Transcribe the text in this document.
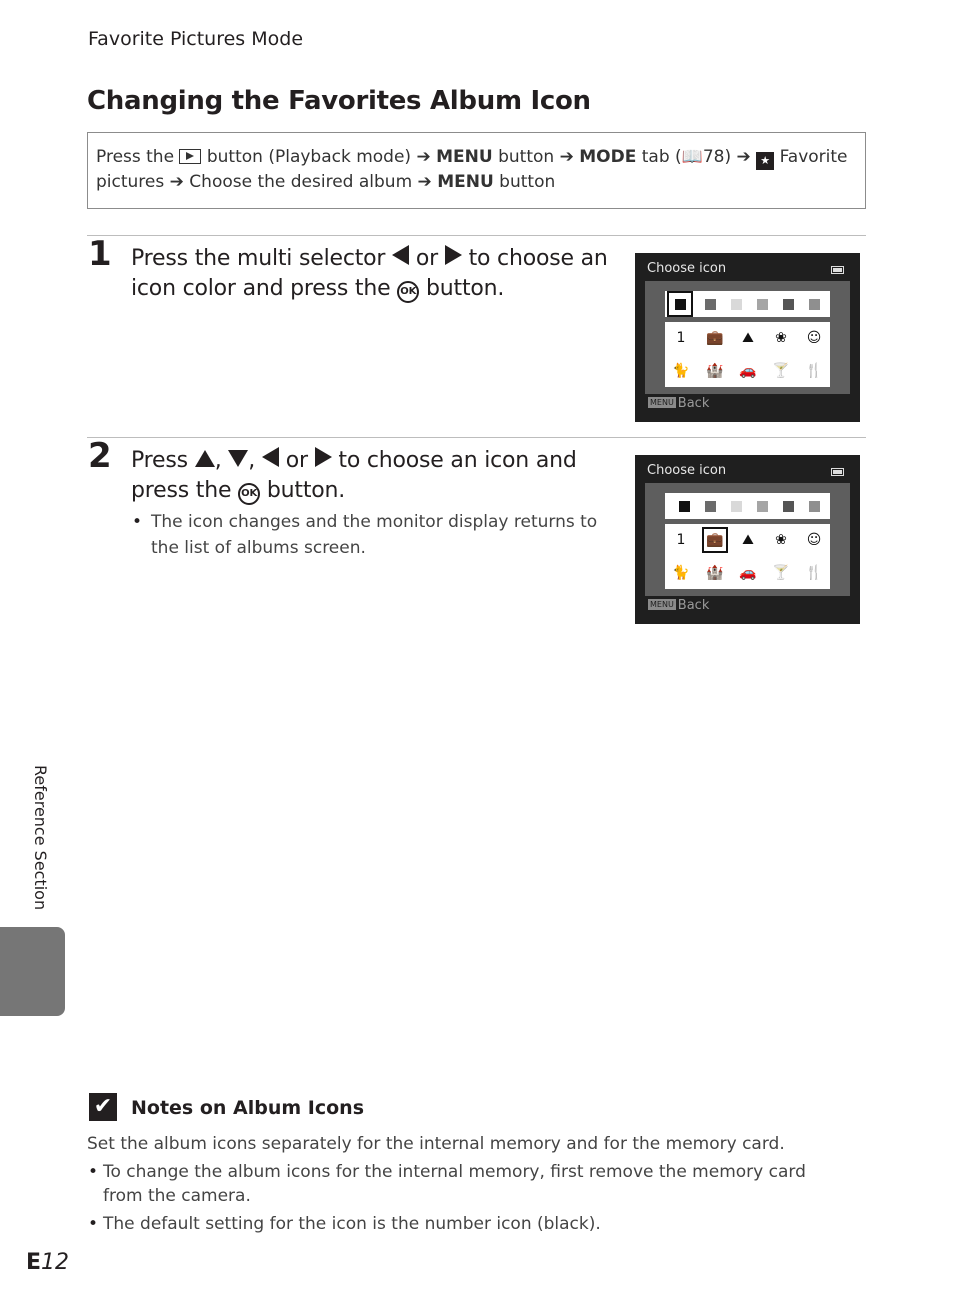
Favorite Pictures Mode
Changing the Favorites Album Icon
Press the button (Playback mode) ➔ MENU button ➔ MODE tab (📖78) ➔ ★ Favorite pictures ➔ Choose the desired album ➔ MENU button
1 Press the multi selector or to choose an icon color and press the OK button.
Choose icon
1	💼	⛰	❀	☺
🐈	🏰	🚗	🍸	🍴
MENU Back
2 Press , , or to choose an icon and press the OK button.
• The icon changes and the monitor display returns to the list of albums screen.
Choose icon
1	💼	⛰	❀	☺
🐈	🏰	🚗	🍸	🍴
MENU Back
Reference Section
✔ Notes on Album Icons
Set the album icons separately for the internal memory and for the memory card.
• To change the album icons for the internal memory, first remove the memory card from the camera.
• The default setting for the icon is the number icon (black).
E12
